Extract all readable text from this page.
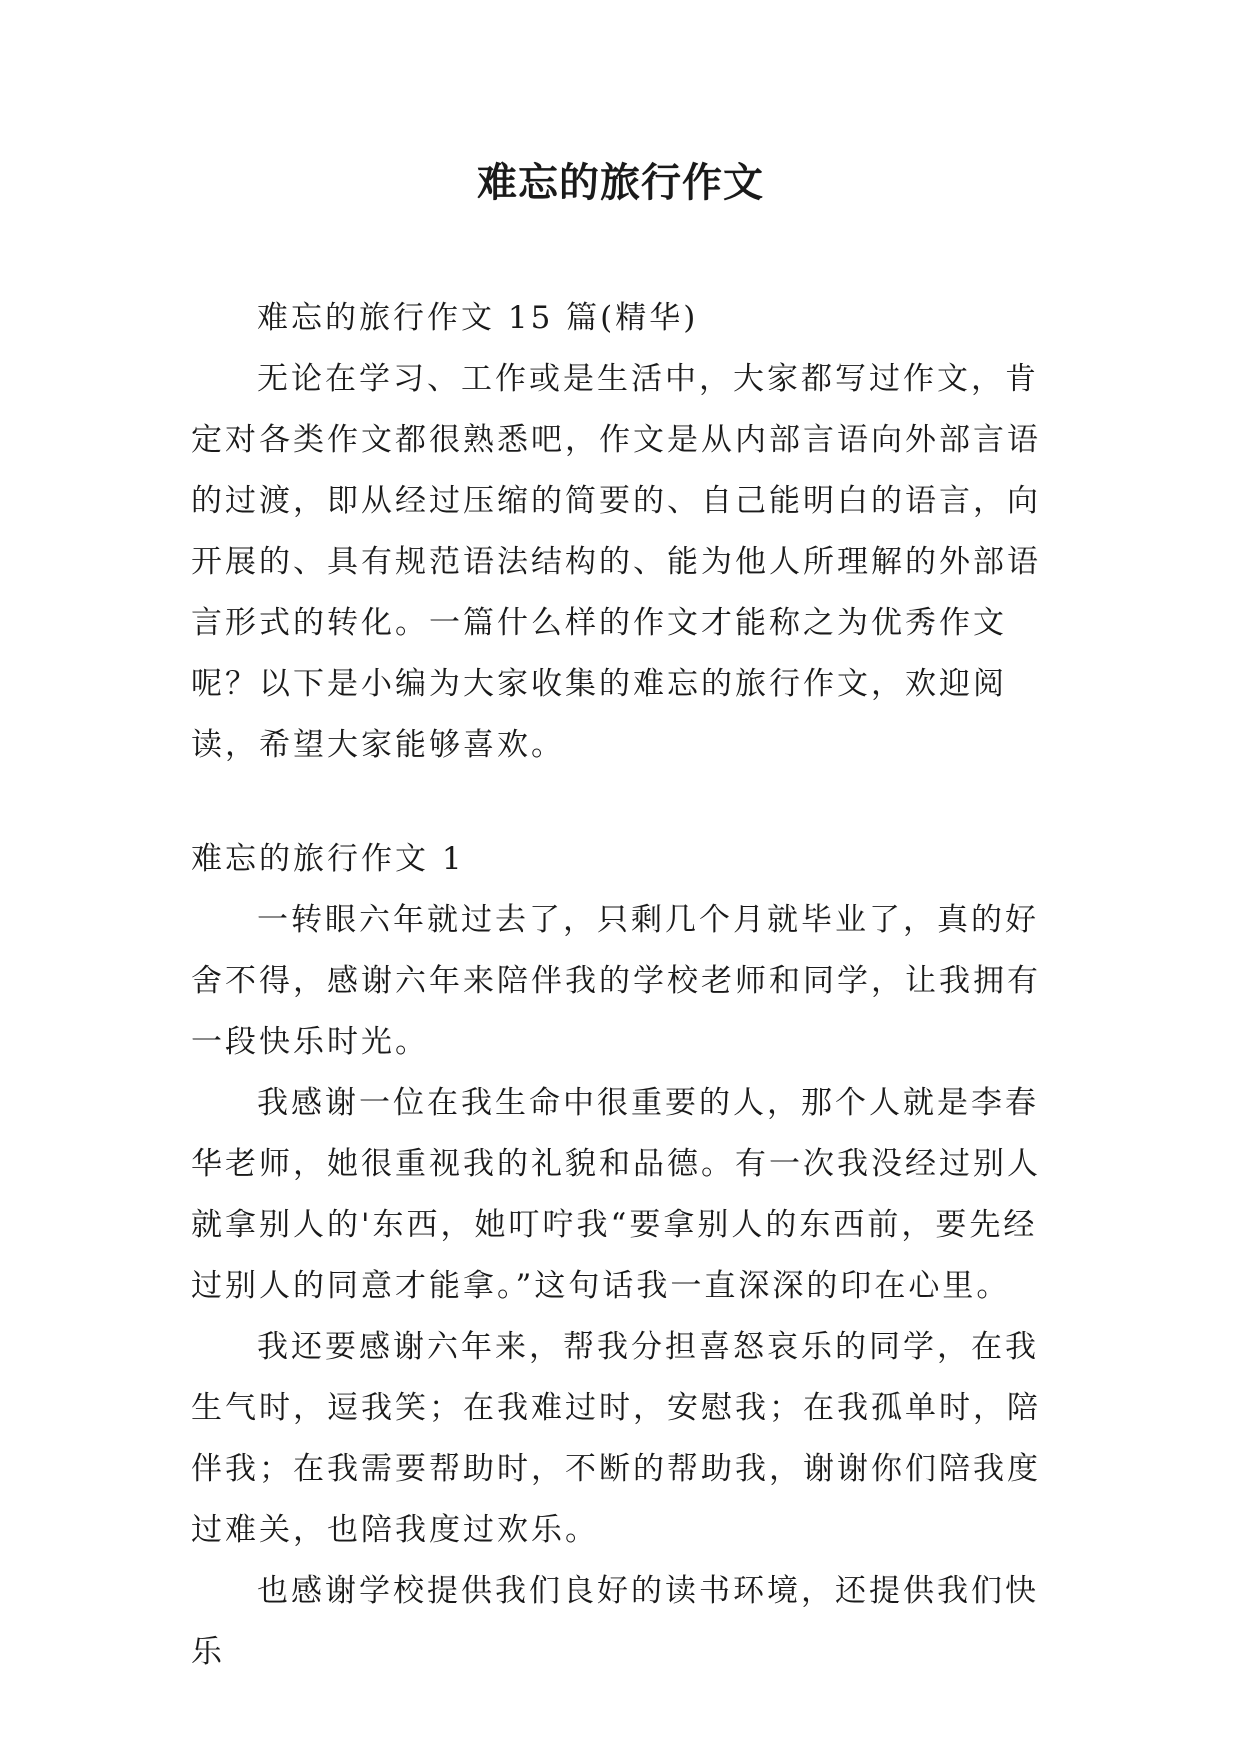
难忘的旅行作文

难忘的旅行作文 15 篇(精华)

无论在学习、工作或是生活中，大家都写过作文，肯定对各类作文都很熟悉吧，作文是从内部言语向外部言语的过渡，即从经过压缩的简要的、自己能明白的语言，向开展的、具有规范语法结构的、能为他人所理解的外部语言形式的转化。一篇什么样的作文才能称之为优秀作文呢？以下是小编为大家收集的难忘的旅行作文，欢迎阅读，希望大家能够喜欢。

难忘的旅行作文 1

一转眼六年就过去了，只剩几个月就毕业了，真的好舍不得，感谢六年来陪伴我的学校老师和同学，让我拥有一段快乐时光。

我感谢一位在我生命中很重要的人，那个人就是李春华老师，她很重视我的礼貌和品德。有一次我没经过别人就拿别人的'东西，她叮咛我“要拿别人的东西前，要先经过别人的同意才能拿。”这句话我一直深深的印在心里。

我还要感谢六年来，帮我分担喜怒哀乐的同学，在我生气时，逗我笑；在我难过时，安慰我；在我孤单时，陪伴我；在我需要帮助时，不断的帮助我，谢谢你们陪我度过难关，也陪我度过欢乐。

也感谢学校提供我们良好的读书环境，还提供我们快乐
